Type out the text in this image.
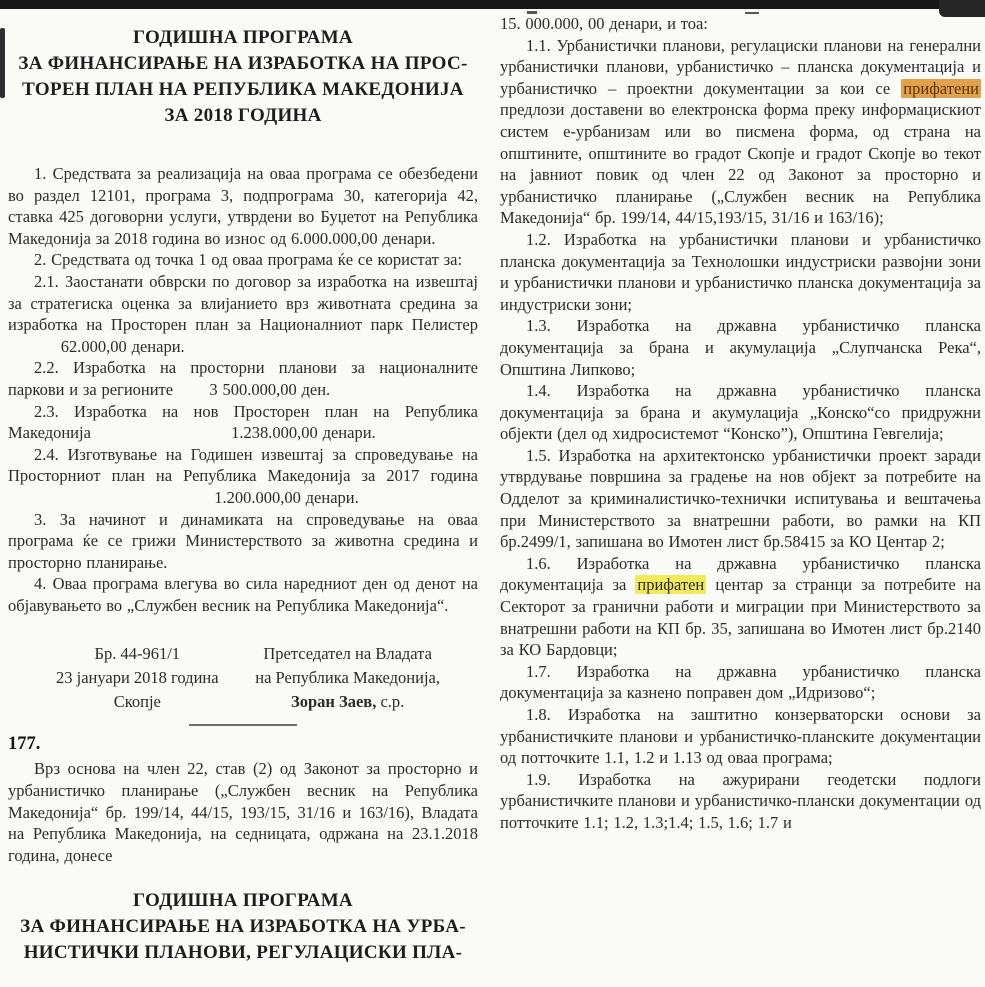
ГОДИШНА ПРОГРАМА
ЗА ФИНАНСИРАЊЕ НА ИЗРАБОТКА НА ПРОС-
ТОРЕН ПЛАН НА РЕПУБЛИКА МАКЕДОНИЈА
ЗА 2018 ГОДИНА

1. Средствата за реализација на оваа програма се обезбедени во раздел 12101, програма 3, подпрограма 30, категорија 42, ставка 425 договорни услуги, утврдени во Буџетот на Република Македонија за 2018 година во износ од 6.000.000,00 денари.

2. Средствата од точка 1 од оваа програма ќе се користат за:

2.1. Заостанати обврски по договор за изработка на извештај за стратегиска оценка за влијанието врз животната средина за изработка на Просторен план за Националниот парк Пелистер62.000,00 денари.

2.2. Изработка на просторни планови за националните паркови и за регионите 3 500.000,00 ден.

2.3. Изработка на нов Просторен план на Република Македонија	1.238.000,00 денари.

2.4. Изготвување на Годишен извештај за спроведување на Просторниот план на Република Македонија за 2017 година1.200.000,00 денари.

3. За начинот и динамиката на спроведување на оваа програма ќе се грижи Министерството за животна средина и просторно планирање.

4. Оваа програма влегува во сила наредниот ден од денот на објавувањето во „Службен весник на Република Македонија“.

Бр. 44-961/1
23 јануари 2018 година
Скопје
Претседател на Владата
на Република Македонија,
Зоран Заев, с.р.
177.

Врз основа на член 22, став (2) од Законот за просторно и урбанистичко планирање („Службен весник на Република Македонија“ бр. 199/14, 44/15, 193/15, 31/16 и 163/16), Владата на Република Македонија, на седницата, одржана на 23.1.2018 година, донесе

ГОДИШНА ПРОГРАМА
ЗА ФИНАНСИРАЊЕ НА ИЗРАБОТКА НА УРБА-
НИСТИЧКИ ПЛАНОВИ, РЕГУЛАЦИСКИ ПЛА-

15. 000.000, 00 денари, и тоа:

1.1. Урбанистички планови, регулациски планови на генерални урбанистички планови, урбанистичко – планска документација и урбанистичко – проектни документации за кои се прифатени предлози доставени во електронска форма преку информацискиот систем е-урбанизам или во писмена форма, од страна на општините, општините во градот Скопје и градот Скопје во текот на јавниот повик од член 22 од Законот за просторно и урбанистичко планирање („Службен весник на Република Македонија“ бр. 199/14, 44/15,193/15, 31/16 и 163/16);

1.2. Изработка на урбанистички планови и урбанистичко планска документација за Технолошки индустриски развојни зони и урбанистички планови и урбанистичко планска документација за индустриски зони;

1.3. Изработка на државна урбанистичко планска документација за брана и акумулација „Слупчанска Река“, Општина Липково;

1.4. Изработка на државна урбанистичко планска документација за брана и акумулација „Конско“со придружни објекти (дел од хидросистемот “Конско”), Општина Гевгелија;

1.5. Изработка на архитектонско урбанистички проект заради утврдување површина за градење на нов објект за потребите на Одделот за криминалистичко-технички испитувања и вештачења при Министерството за внатрешни работи, во рамки на КП бр.2499/1, запишана во Имотен лист бр.58415 за КО Центар 2;

1.6. Изработка на државна урбанистичко планска документација за прифатен центар за странци за потребите на Секторот за гранични работи и миграции при Министерството за внатрешни работи на КП бр. 35, запишана во Имотен лист бр.2140 за КО Бардовци;

1.7. Изработка на државна урбанистичко планска документација за казнено поправен дом „Идризово“;

1.8. Изработка на заштитно конзерваторски основи за урбанистичките планови и урбанистичко-планските документации од потточките 1.1, 1.2 и 1.13 од оваа програма;

1.9. Изработка на ажурирани геодетски подлоги урбанистичките планови и урбанистичко-плански документации од потточките 1.1; 1.2, 1.3;1.4; 1.5, 1.6; 1.7 и
